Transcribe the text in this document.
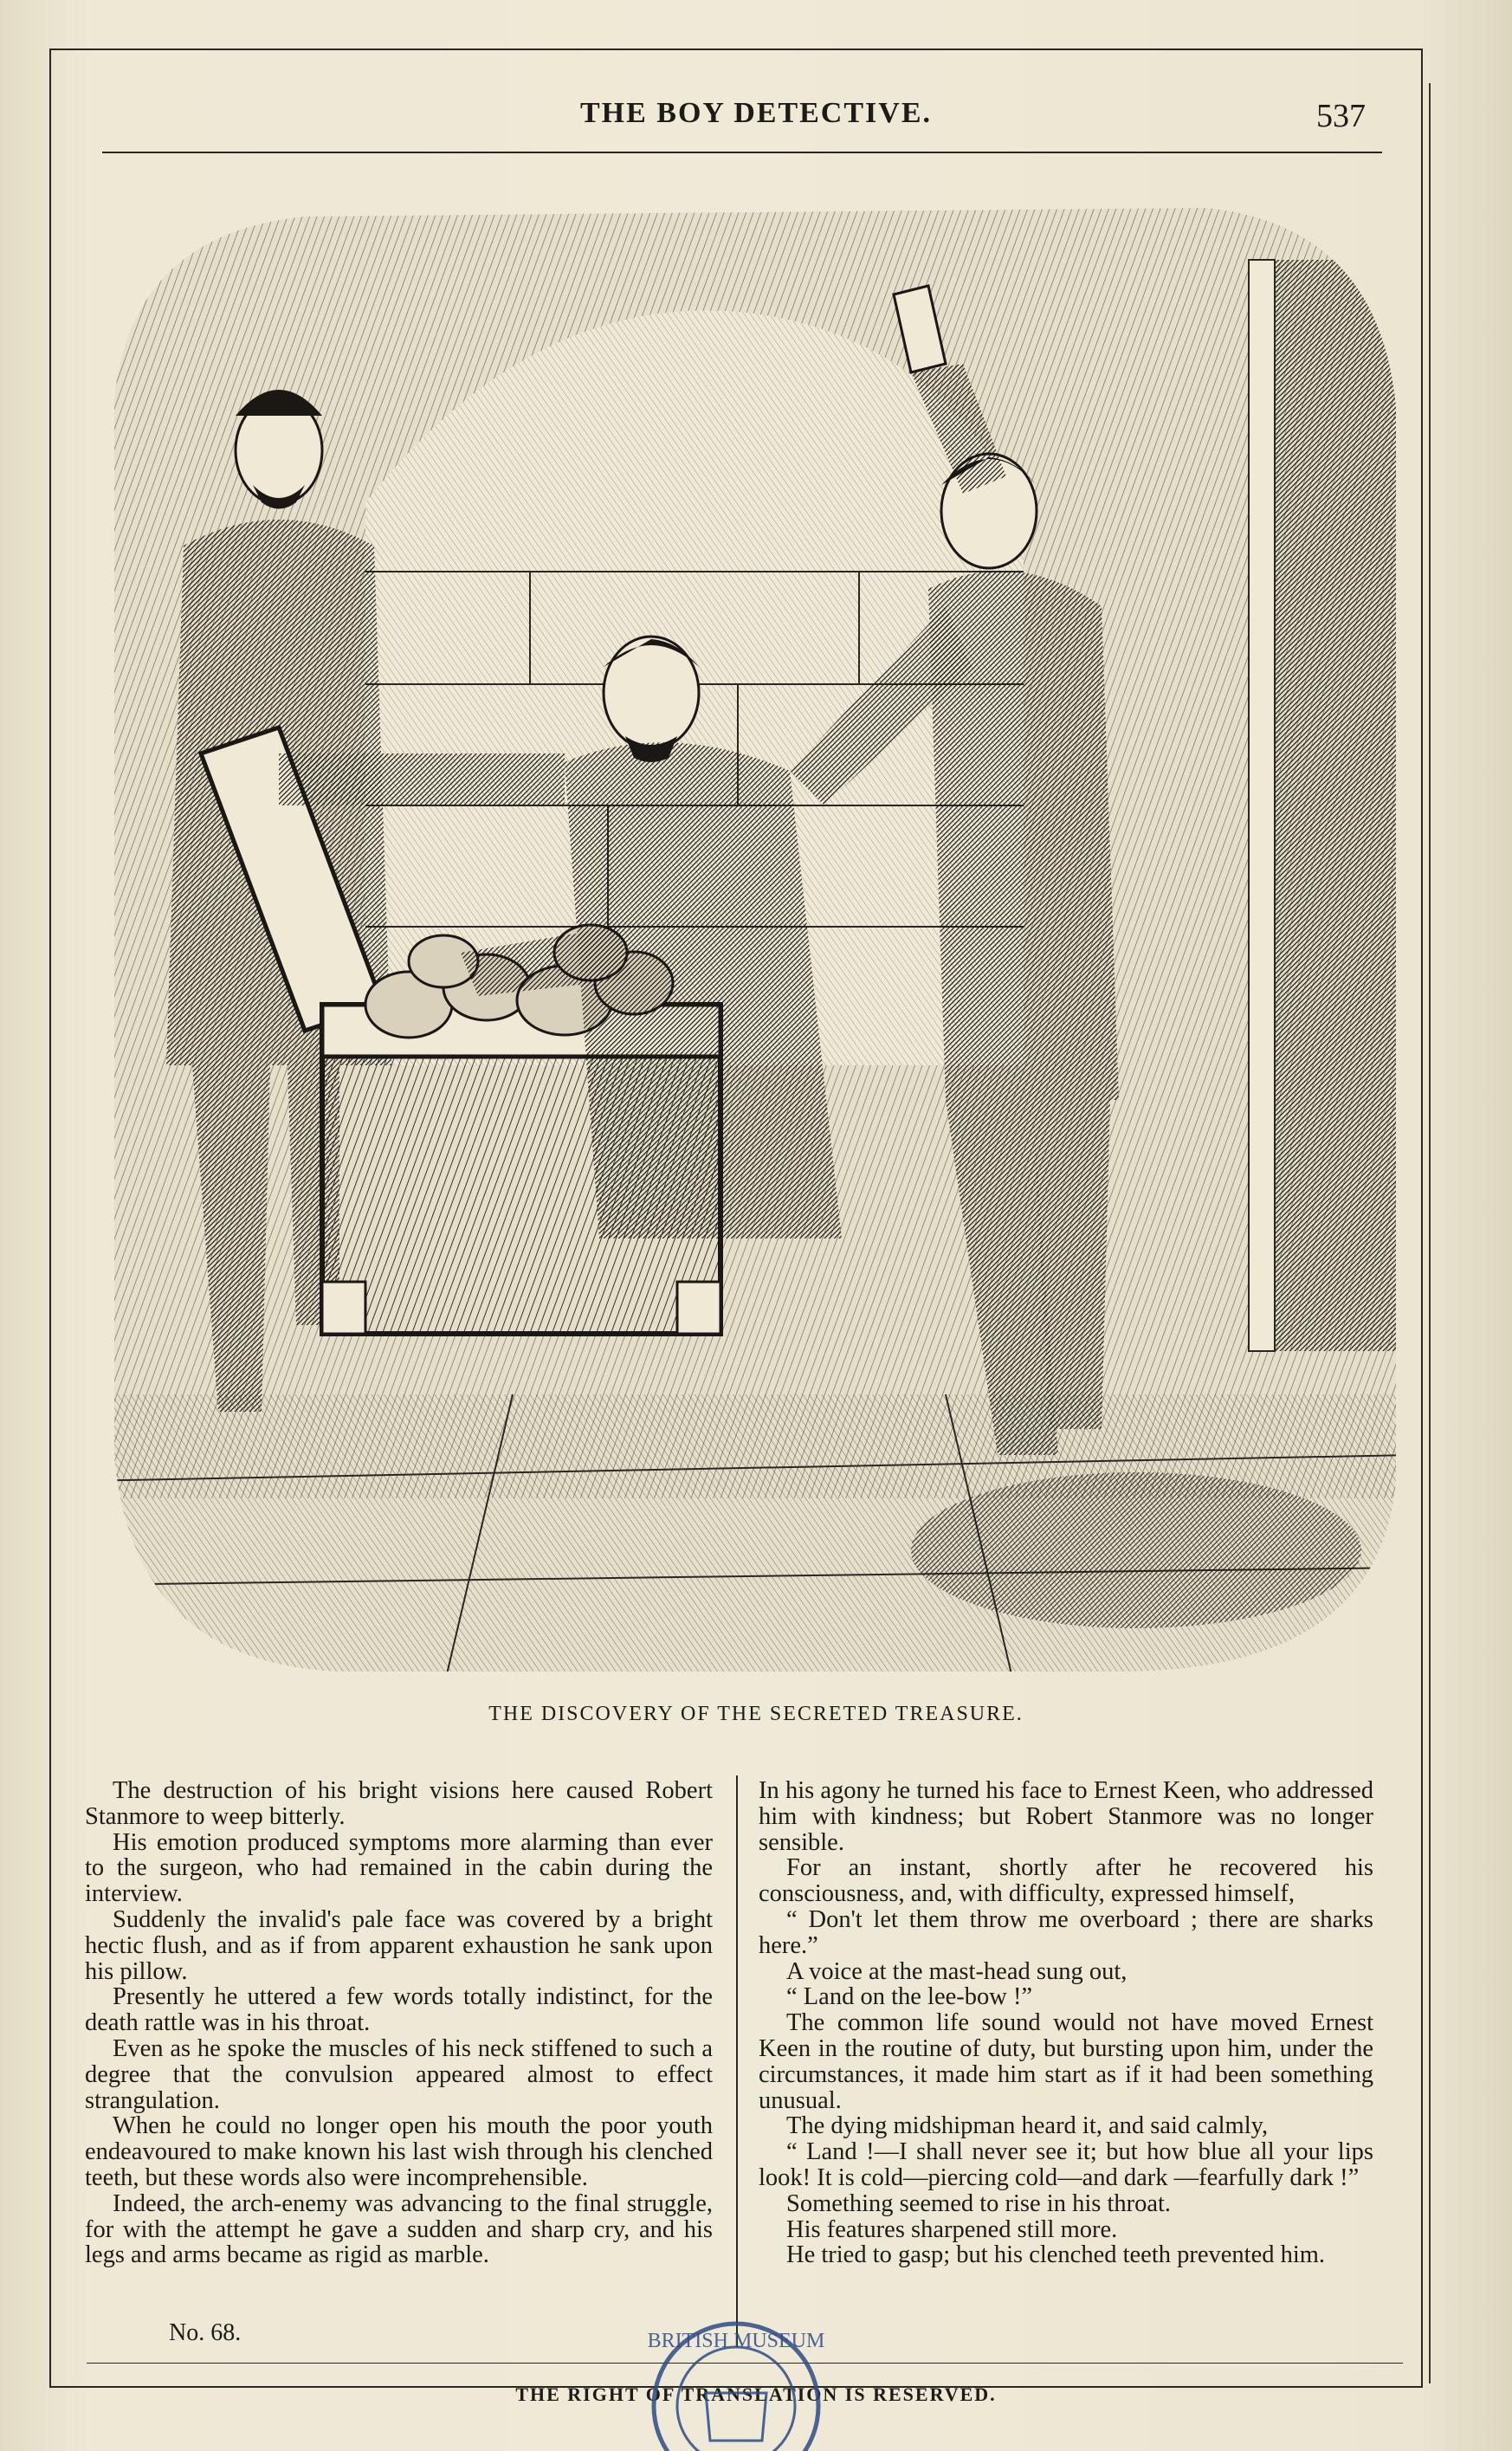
THE BOY DETECTIVE.	537
THE DISCOVERY OF THE SECRETED TREASURE.

The destruction of his bright visions here caused Robert Stanmore to weep bitterly.

His emotion produced symptoms more alarming than ever to the surgeon, who had remained in the cabin during the interview.

Suddenly the invalid's pale face was covered by a bright hectic flush, and as if from apparent exhaustion he sank upon his pillow.

Presently he uttered a few words totally indistinct, for the death rattle was in his throat.

Even as he spoke the muscles of his neck stiffened to such a degree that the convulsion appeared almost to effect strangulation.

When he could no longer open his mouth the poor youth endeavoured to make known his last wish through his clenched teeth, but these words also were incomprehensible.

Indeed, the arch-enemy was advancing to the final struggle, for with the attempt he gave a sudden and sharp cry, and his legs and arms became as rigid as marble.

In his agony he turned his face to Ernest Keen, who addressed him with kindness; but Robert Stanmore was no longer sensible.

For an instant, shortly after he recovered his consciousness, and, with difficulty, expressed himself,

“ Don't let them throw me overboard ; there are sharks here.”

A voice at the mast-head sung out,

“ Land on the lee-bow !”

The common life sound would not have moved Ernest Keen in the routine of duty, but bursting upon him, under the circumstances, it made him start as if it had been something unusual.

The dying midshipman heard it, and said calmly,

“ Land !—I shall never see it; but how blue all your lips look! It is cold—piercing cold—and dark —fearfully dark !”

Something seemed to rise in his throat.

His features sharpened still more.

He tried to gasp; but his clenched teeth prevented him.

No. 68.
THE RIGHT OF TRANSLATION IS RESERVED.
BRITISH MUSEUM
